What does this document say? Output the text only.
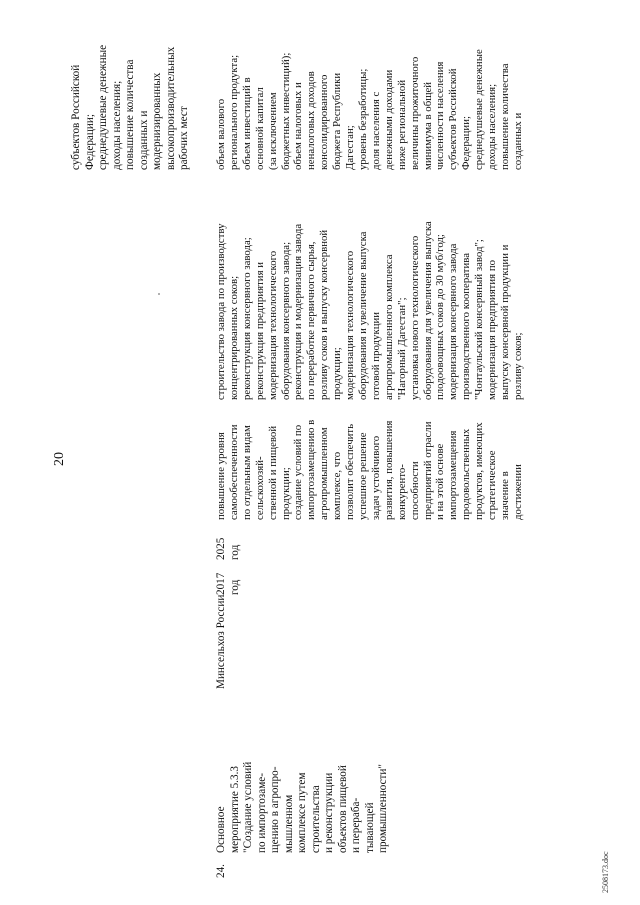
20
2508173.doc
субъектов Российской Федерации; среднедушевые денежные доходы населения; повышение количества созданных и модернизированных высокопроизводительных рабочих мест
24.
Основное мероприятие 5.3.3 "Создание условий по импортозаме- щению в агропро- мышленном комплексе путем строительства и реконструкции объектов пищевой и перераба- тывающей промышленности"
Минсельхоз России
2017 год
2025 год
повышение уровня самообеспеченности по отдельным видам сельскохозяй- ственной и пищевой продукции; создание условий по импортозамещению в агропромышленном комплексе, что позволит обеспечить успешное решение задач устойчивого развития, повышения конкуренто- способности предприятий отрасли и на этой основе импортозамещения продовольственных продуктов, имеющих стратегическое значение в достижении
строительство завода по производству концентрированных соков; реконструкция консервного завода; реконструкция предприятия и модернизация технологического оборудования консервного завода; реконструкция и модернизация завода по переработке первичного сырья, розливу соков и выпуску консервной продукции; модернизация технологического оборудования и увеличение выпуска готовой продукции агропромышленного комплекса "Нагорный Дагестан"; установка нового технологического оборудования для увеличения выпуска плодоовощных соков до 30 муб/год; модернизация консервного завода производственного кооператива "Чонтаульский консервный завод"; модернизация предприятия по выпуску консервной продукции и розливу соков;
объем валового регионального продукта; объем инвестиций в основной капитал (за исключением бюджетных инвестиций); объем налоговых и неналоговых доходов консолидированного бюджета Республики Дагестан; уровень безработицы; доля населения с денежными доходами ниже региональной величины прожиточного минимума в общей численности населения субъектов Российской Федерации; среднедушевые денежные доходы населения; повышение количества созданных и
